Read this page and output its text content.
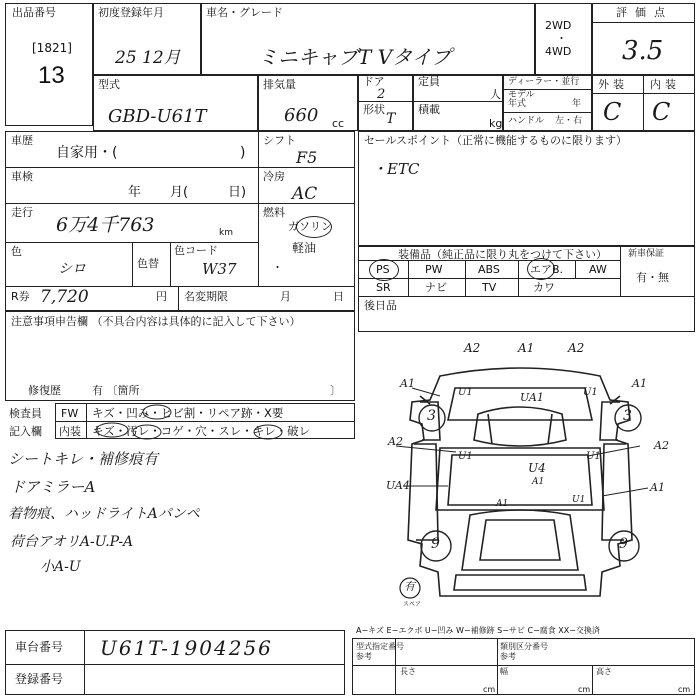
出品番号
[1821]
13
初度登録年月
25 12月
車名・グレード
ミニキャブT Vタイプ
2WD
・
4WD
評価点
3.5
型式
GBD-U61T
排気量
660 cc
ドア
2
形状
T
定員
人
積載
kg
ディーラー・並行
モデル
年式	年
ハンドル 左・右
外装 内装
C C
車歴
自家用・(	)
シフト
F5
車検
年 月(	日)
冷房
AC
走行
6万4千763	km
燃料
ガソリン
・
軽油
色
シロ	色替
色コード
W37
R券 7,720	円 名変期限	月	日
セールスポイント（正常に機能するものに限ります）
・ETC
装備品（純正品に限り丸をつけて下さい） 新車保証
有・無
PS	PW	ABS	エアB. AW
SR	ナビ	TV	カワ
後日品
注意事項申告欄 （不具合内容は具体的に記入して下さい）
修復歴	有 〔箇所	〕
検査員
記入欄
FW キズ・凹み・ヒビ割・リペア跡・X要
内装 キズ・汚レ・コゲ・穴・スレ・キレ・破レ
シートキレ・補修痕有
ドアミラーA
着物痕、ハッドライトAパンペ
荷台アオリA-U.P-A
小A-U
A2	A1	A2
A1
U1	UA1	U1
A1
3	3
A2
U1	U1
A2
U4
A1
UA4	A1
A1	U1
9	9
有
スペア
A−キズ E−エクボ U−凹み W−補修跡 S−サビ C−腐食 XX−交換済
型式指定番号
参考
類別区分番号
参考
長さ
cm
幅
cm
高さ
cm
車台番号 U61T-1904256
登録番号
